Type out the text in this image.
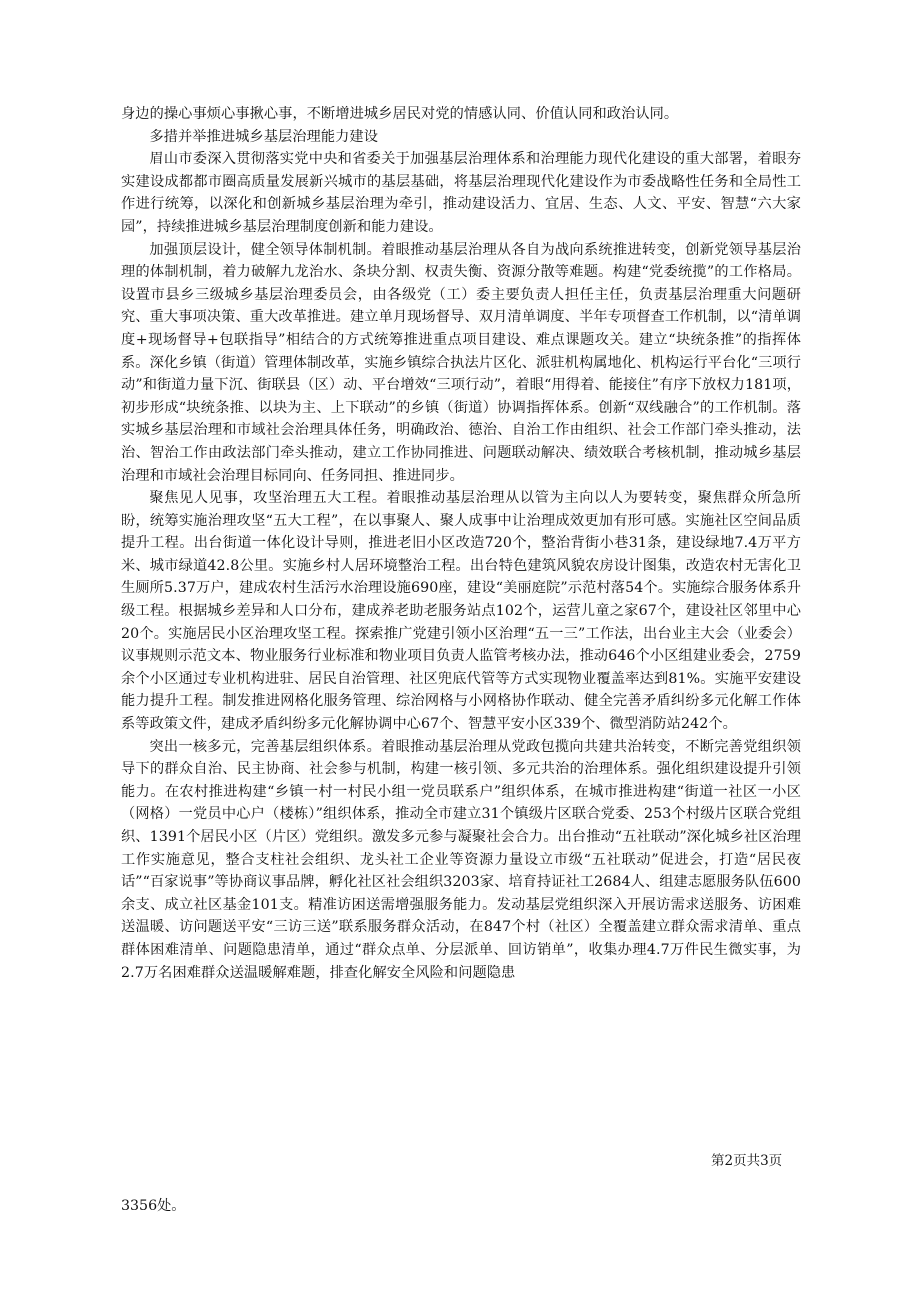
身边的操心事烦心事揪心事，不断增进城乡居民对党的情感认同、价值认同和政治认同。

多措并举推进城乡基层治理能力建设

眉山市委深入贯彻落实党中央和省委关于加强基层治理体系和治理能力现代化建设的重大部署，着眼夯实建设成都都市圈高质量发展新兴城市的基层基础，将基层治理现代化建设作为市委战略性任务和全局性工作进行统筹，以深化和创新城乡基层治理为牵引，推动建设活力、宜居、生态、人文、平安、智慧“六大家园”，持续推进城乡基层治理制度创新和能力建设。

加强顶层设计，健全领导体制机制。着眼推动基层治理从各自为战向系统推进转变，创新党领导基层治理的体制机制，着力破解九龙治水、条块分割、权责失衡、资源分散等难题。构建“党委统揽”的工作格局。设置市县乡三级城乡基层治理委员会，由各级党（工）委主要负责人担任主任，负责基层治理重大问题研究、重大事项决策、重大改革推进。建立单月现场督导、双月清单调度、半年专项督查工作机制，以“清单调度+现场督导+包联指导”相结合的方式统筹推进重点项目建设、难点课题攻关。建立“块统条推”的指挥体系。深化乡镇（街道）管理体制改革，实施乡镇综合执法片区化、派驻机构属地化、机构运行平台化“三项行动”和街道力量下沉、街联县（区）动、平台增效“三项行动”，着眼“用得着、能接住”有序下放权力181项，初步形成“块统条推、以块为主、上下联动”的乡镇（街道）协调指挥体系。创新“双线融合”的工作机制。落实城乡基层治理和市域社会治理具体任务，明确政治、德治、自治工作由组织、社会工作部门牵头推动，法治、智治工作由政法部门牵头推动，建立工作协同推进、问题联动解决、绩效联合考核机制，推动城乡基层治理和市域社会治理目标同向、任务同担、推进同步。

聚焦见人见事，攻坚治理五大工程。着眼推动基层治理从以管为主向以人为要转变，聚焦群众所急所盼，统筹实施治理攻坚“五大工程”，在以事聚人、聚人成事中让治理成效更加有形可感。实施社区空间品质提升工程。出台街道一体化设计导则，推进老旧小区改造720个，整治背街小巷31条，建设绿地7.4万平方米、城市绿道42.8公里。实施乡村人居环境整治工程。出台特色建筑风貌农房设计图集，改造农村无害化卫生厕所5.37万户，建成农村生活污水治理设施690座，建设“美丽庭院”示范村落54个。实施综合服务体系升级工程。根据城乡差异和人口分布，建成养老助老服务站点102个，运营儿童之家67个，建设社区邻里中心20个。实施居民小区治理攻坚工程。探索推广党建引领小区治理“五一三”工作法，出台业主大会（业委会）议事规则示范文本、物业服务行业标准和物业项目负责人监管考核办法，推动646个小区组建业委会，2759余个小区通过专业机构进驻、居民自治管理、社区兜底代管等方式实现物业覆盖率达到81%。实施平安建设能力提升工程。制发推进网格化服务管理、综治网格与小网格协作联动、健全完善矛盾纠纷多元化解工作体系等政策文件，建成矛盾纠纷多元化解协调中心67个、智慧平安小区339个、微型消防站242个。

突出一核多元，完善基层组织体系。着眼推动基层治理从党政包揽向共建共治转变，不断完善党组织领导下的群众自治、民主协商、社会参与机制，构建一核引领、多元共治的治理体系。强化组织建设提升引领能力。在农村推进构建“乡镇一村一村民小组一党员联系户”组织体系，在城市推进构建“街道一社区一小区（网格）一党员中心户（楼栋）”组织体系，推动全市建立31个镇级片区联合党委、253个村级片区联合党组织、1391个居民小区（片区）党组织。激发多元参与凝聚社会合力。出台推动“五社联动”深化城乡社区治理工作实施意见，整合支柱社会组织、龙头社工企业等资源力量设立市级“五社联动”促进会，打造“居民夜话”“百家说事”等协商议事品牌，孵化社区社会组织3203家、培育持证社工2684人、组建志愿服务队伍600余支、成立社区基金101支。精准访困送需增强服务能力。发动基层党组织深入开展访需求送服务、访困难送温暖、访问题送平安“三访三送”联系服务群众活动，在847个村（社区）全覆盖建立群众需求清单、重点群体困难清单、问题隐患清单，通过“群众点单、分层派单、回访销单”，收集办理4.7万件民生微实事，为2.7万名困难群众送温暖解难题，排查化解安全风险和问题隐患

第2页共3页
3356处。
